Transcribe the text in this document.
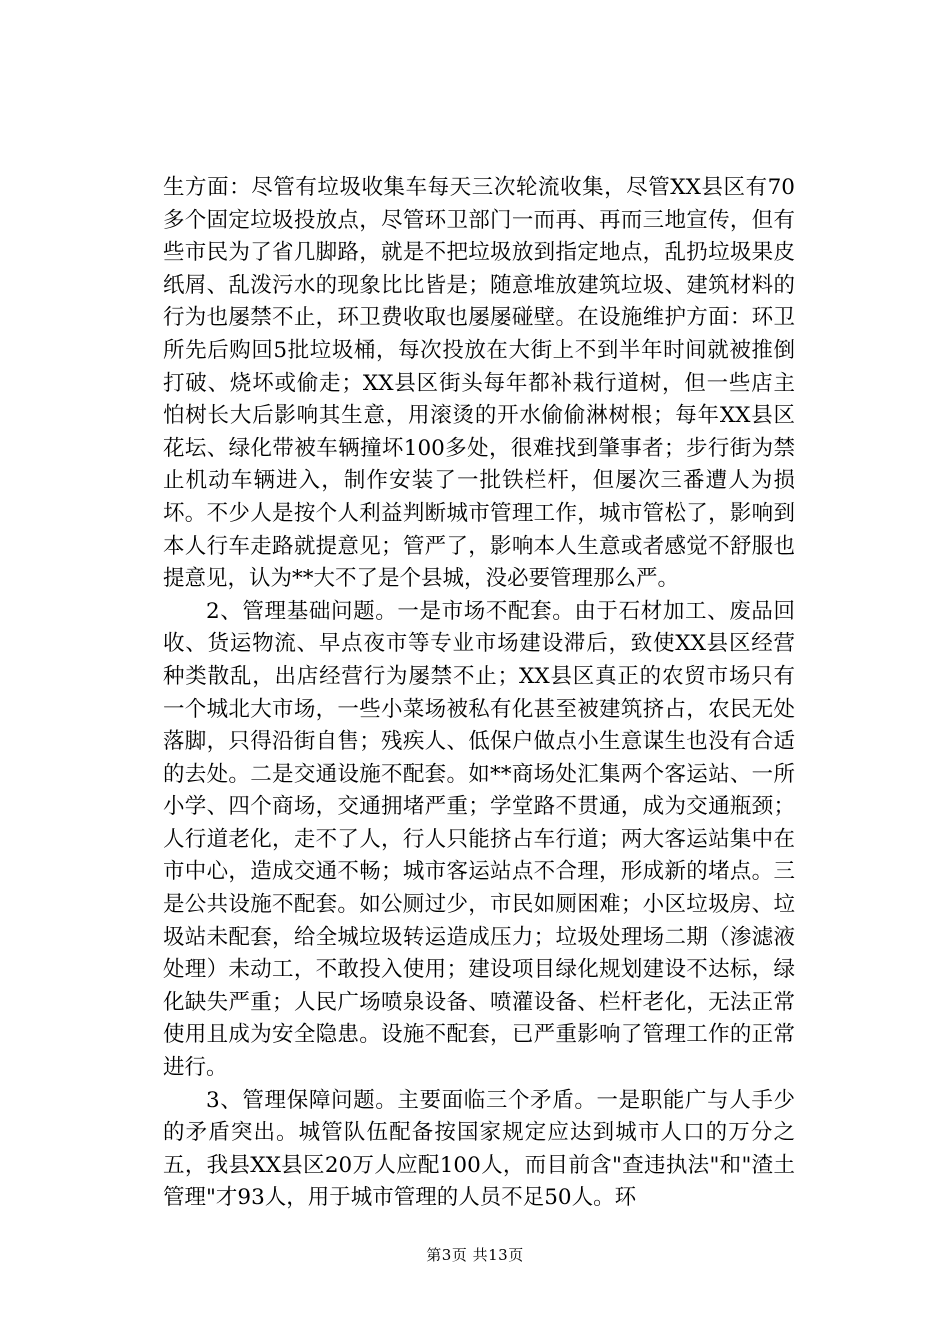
生方面：尽管有垃圾收集车每天三次轮流收集，尽管XX县区有70多个固定垃圾投放点，尽管环卫部门一而再、再而三地宣传，但有些市民为了省几脚路，就是不把垃圾放到指定地点，乱扔垃圾果皮纸屑、乱泼污水的现象比比皆是；随意堆放建筑垃圾、建筑材料的行为也屡禁不止，环卫费收取也屡屡碰壁。在设施维护方面：环卫所先后购回5批垃圾桶，每次投放在大街上不到半年时间就被推倒打破、烧坏或偷走；XX县区街头每年都补栽行道树，但一些店主怕树长大后影响其生意，用滚烫的开水偷偷淋树根；每年XX县区花坛、绿化带被车辆撞坏100多处，很难找到肇事者；步行街为禁止机动车辆进入，制作安装了一批铁栏杆，但屡次三番遭人为损坏。不少人是按个人利益判断城市管理工作，城市管松了，影响到本人行车走路就提意见；管严了，影响本人生意或者感觉不舒服也提意见，认为**大不了是个县城，没必要管理那么严。

2、管理基础问题。一是市场不配套。由于石材加工、废品回收、货运物流、早点夜市等专业市场建设滞后，致使XX县区经营种类散乱，出店经营行为屡禁不止；XX县区真正的农贸市场只有一个城北大市场，一些小菜场被私有化甚至被建筑挤占，农民无处落脚，只得沿街自售；残疾人、低保户做点小生意谋生也没有合适的去处。二是交通设施不配套。如**商场处汇集两个客运站、一所小学、四个商场，交通拥堵严重；学堂路不贯通，成为交通瓶颈；人行道老化，走不了人，行人只能挤占车行道；两大客运站集中在市中心，造成交通不畅；城市客运站点不合理，形成新的堵点。三是公共设施不配套。如公厕过少，市民如厕困难；小区垃圾房、垃圾站未配套，给全城垃圾转运造成压力；垃圾处理场二期（渗滤液处理）未动工，不敢投入使用；建设项目绿化规划建设不达标，绿化缺失严重；人民广场喷泉设备、喷灌设备、栏杆老化，无法正常使用且成为安全隐患。设施不配套，已严重影响了管理工作的正常进行。

3、管理保障问题。主要面临三个矛盾。一是职能广与人手少的矛盾突出。城管队伍配备按国家规定应达到城市人口的万分之五，我县XX县区20万人应配100人，而目前含"查违执法"和"渣土管理"才93人，用于城市管理的人员不足50人。环

第3页 共13页
